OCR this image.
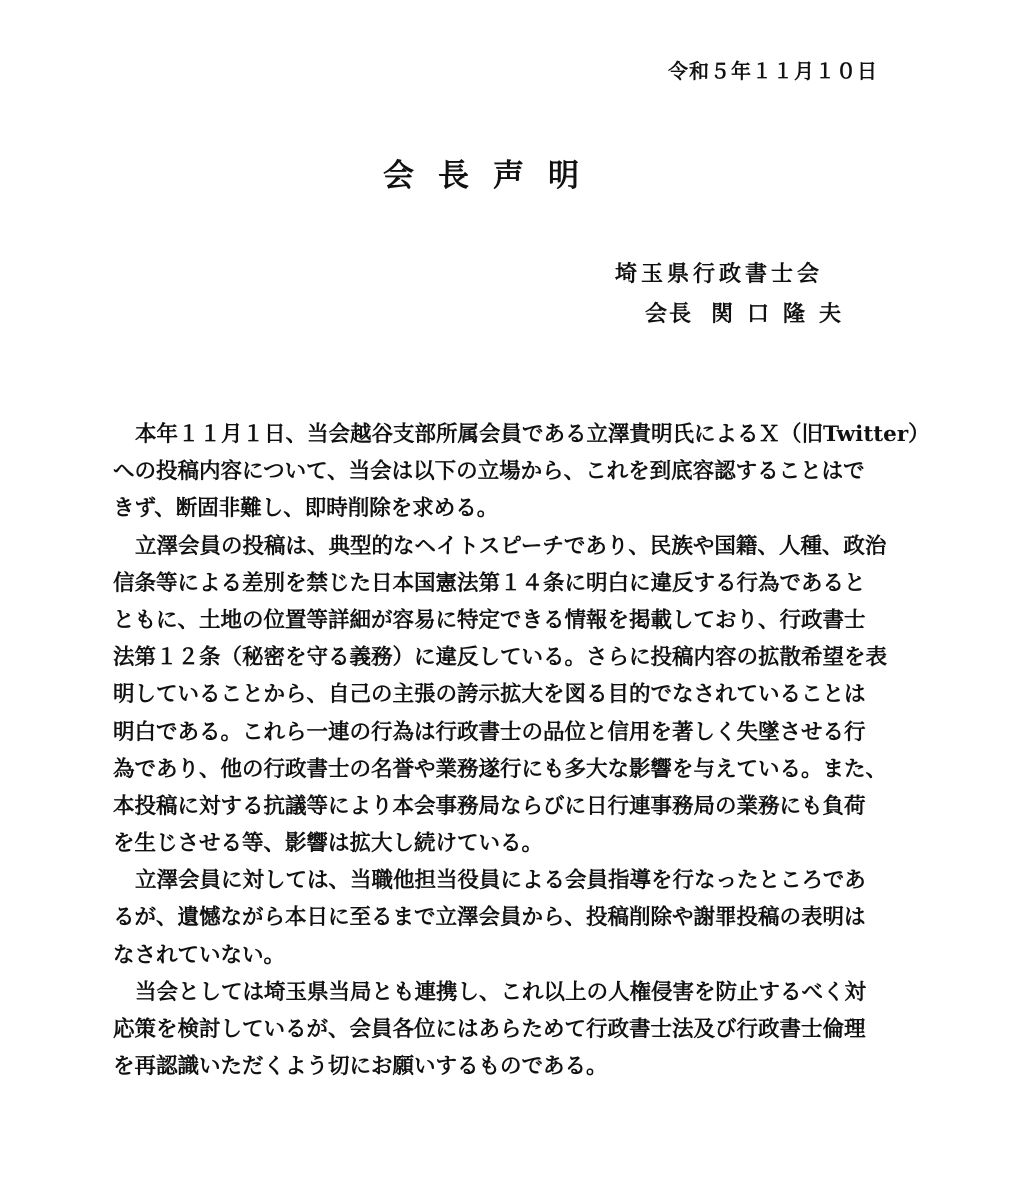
令和５年１１月１０日
会長声明
埼玉県行政書士会
会長 関口隆夫

本年１１月１日、当会越谷支部所属会員である立澤貴明氏によるＸ（旧Twitter）
への投稿内容について、当会は以下の立場から、これを到底容認することはで
きず、断固非難し、即時削除を求める。

立澤会員の投稿は、典型的なヘイトスピーチであり、民族や国籍、人種、政治
信条等による差別を禁じた日本国憲法第１４条に明白に違反する行為であると
ともに、土地の位置等詳細が容易に特定できる情報を掲載しており、行政書士
法第１２条（秘密を守る義務）に違反している。さらに投稿内容の拡散希望を表
明していることから、自己の主張の誇示拡大を図る目的でなされていることは
明白である。これら一連の行為は行政書士の品位と信用を著しく失墜させる行
為であり、他の行政書士の名誉や業務遂行にも多大な影響を与えている。また、
本投稿に対する抗議等により本会事務局ならびに日行連事務局の業務にも負荷
を生じさせる等、影響は拡大し続けている。

立澤会員に対しては、当職他担当役員による会員指導を行なったところであ
るが、遺憾ながら本日に至るまで立澤会員から、投稿削除や謝罪投稿の表明は
なされていない。

当会としては埼玉県当局とも連携し、これ以上の人権侵害を防止するべく対
応策を検討しているが、会員各位にはあらためて行政書士法及び行政書士倫理
を再認識いただくよう切にお願いするものである。
